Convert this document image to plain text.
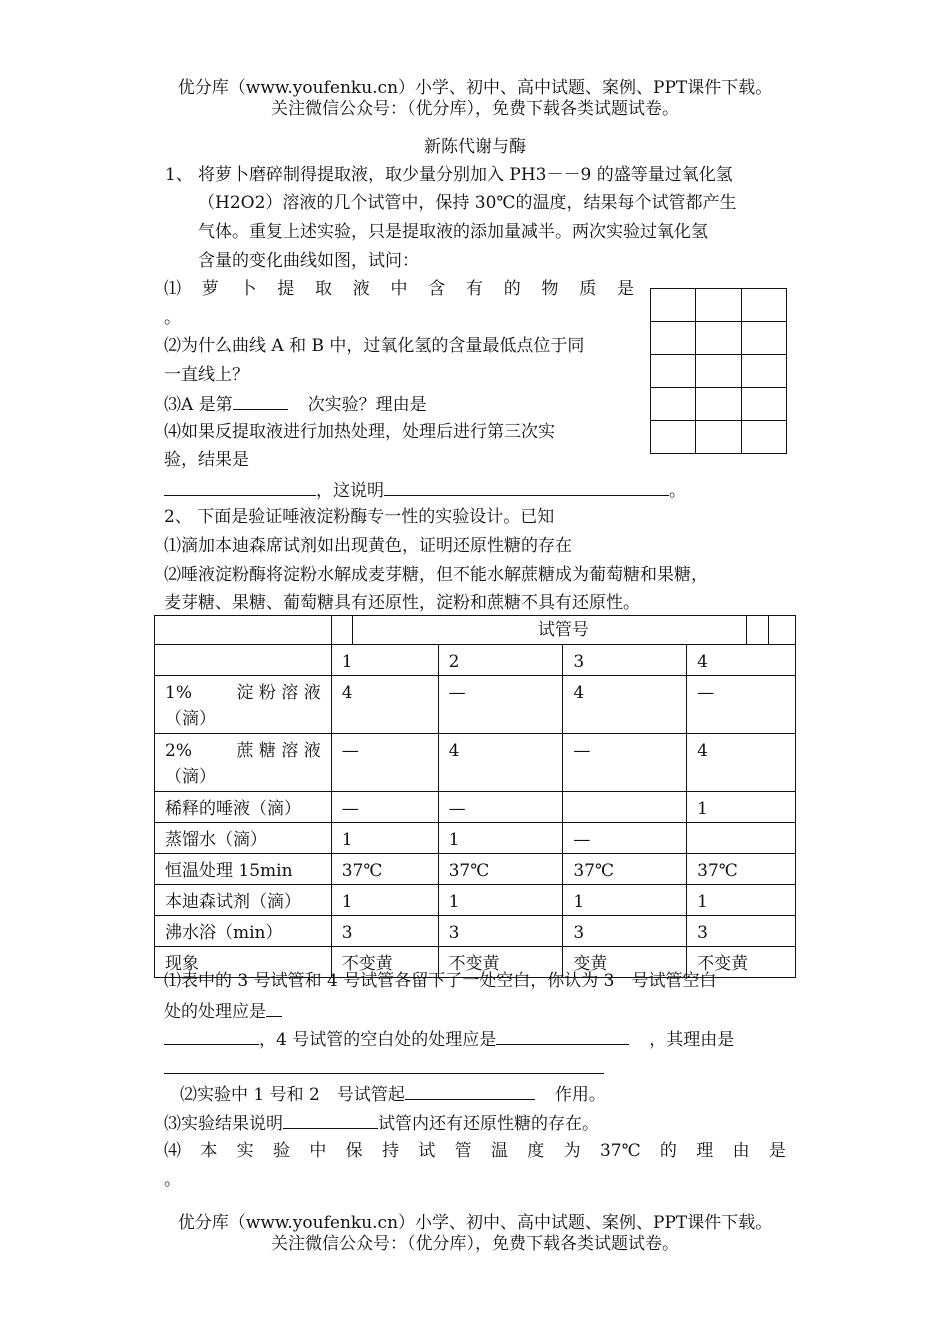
优分库（www.youfenku.cn）小学、初中、高中试题、案例、PPT课件下载。
关注微信公众号：（优分库），免费下载各类试题试卷。
新陈代谢与酶
1、 将萝卜磨碎制得提取液，取少量分别加入 PH3－－9 的盛等量过氧化氢
（H2O2）溶液的几个试管中，保持 30℃的温度，结果每个试管都产生
气体。重复上述实验，只是提取液的添加量减半。两次实验过氧化氢
含量的变化曲线如图，试问：
⑴ 萝 卜 提 取 液 中 含 有 的 物 质 是
。
⑵为什么曲线 A 和 B 中，过氧化氢的含量最低点位于同
一直线上？
⑶A 是第	次实验？理由是
⑷如果反提取液进行加热处理，处理后进行第三次实
验，结果是
，这说明	。

2、 下面是验证唾液淀粉酶专一性的实验设计。已知
⑴滴加本迪森席试剂如出现黄色，证明还原性糖的存在
⑵唾液淀粉酶将淀粉水解成麦芽糖，但不能水解蔗糖成为葡萄糖和果糖，
麦芽糖、果糖、葡萄糖具有还原性，淀粉和蔗糖不具有还原性。

	试管号			

	1	2	3	4

1% 淀 粉 溶 液
（滴）	4	—	4	—

2% 蔗 糖 溶 液
（滴）	—	4	—	4
稀释的唾液（滴）	—	—		1
蒸馏水（滴）	1	1	—	
恒温处理 15min	37℃	37℃	37℃	37℃
本迪森试剂（滴）	1	1	1	1
沸水浴（min）	3	3	3	3
现象	不变黄	不变黄	变黄	不变黄
⑴表中的 3 号试管和 4 号试管各留下了一处空白，你认为 3　号试管空白
处的处理应是
，4 号试管的空白处的处理应是	，其理由是
⑵实验中 1 号和 2　号试管起	作用。
⑶实验结果说明	试管内还有还原性糖的存在。
⑷ 本 实 验 中 保 持 试 管 温 度 为 37℃ 的 理 由 是
。
优分库（www.youfenku.cn）小学、初中、高中试题、案例、PPT课件下载。
关注微信公众号：（优分库），免费下载各类试题试卷。
